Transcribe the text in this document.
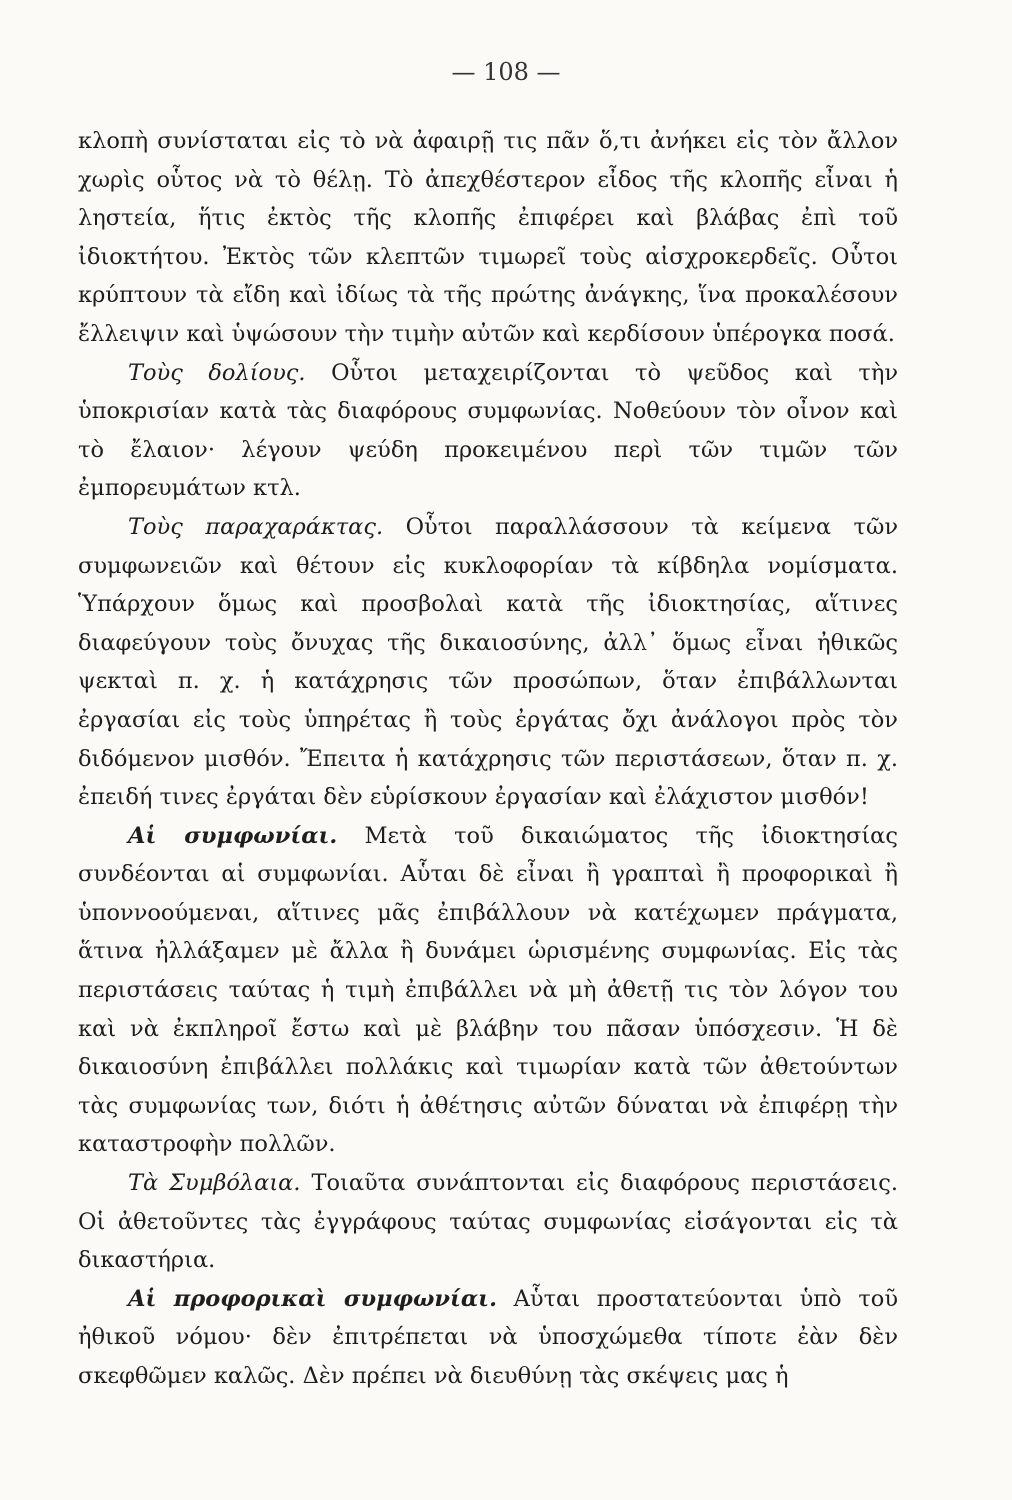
— 108 —

κλοπὴ συνίσταται εἰς τὸ νὰ ἀφαιρῇ τις πᾶν ὅ,τι ἀνήκει εἰς τὸν ἄλλον χωρὶς οὗτος νὰ τὸ θέλῃ. Τὸ ἀπεχθέστερον εἶδος τῆς κλοπῆς εἶναι ἡ ληστεία, ἥτις ἐκτὸς τῆς κλοπῆς ἐπιφέρει καὶ βλάβας ἐπὶ τοῦ ἰδιοκτήτου. Ἐκτὸς τῶν κλεπτῶν τιμωρεῖ τοὺς αἰσχροκερδεῖς. Οὗτοι κρύπτουν τὰ εἴδη καὶ ἰδίως τὰ τῆς πρώτης ἀνάγκης, ἵνα προκαλέσουν ἔλλειψιν καὶ ὑψώσουν τὴν τιμὴν αὐτῶν καὶ κερδίσουν ὑπέρογκα ποσά.

Τοὺς δολίους. Οὗτοι μεταχειρίζονται τὸ ψεῦδος καὶ τὴν ὑποκρισίαν κατὰ τὰς διαφόρους συμφωνίας. Νοθεύουν τὸν οἶνον καὶ τὸ ἔλαιον· λέγουν ψεύδη προκειμένου περὶ τῶν τιμῶν τῶν ἐμπορευμάτων κτλ.

Τοὺς παραχαράκτας. Οὗτοι παραλλάσσουν τὰ κείμενα τῶν συμφωνειῶν καὶ θέτουν εἰς κυκλοφορίαν τὰ κίβδηλα νομίσματα. Ὑπάρχουν ὅμως καὶ προσβολαὶ κατὰ τῆς ἰδιοκτησίας, αἵτινες διαφεύγουν τοὺς ὄνυχας τῆς δικαιοσύνης, ἀλλ᾽ ὅμως εἶναι ἠθικῶς ψεκταὶ π. χ. ἡ κατάχρησις τῶν προσώπων, ὅταν ἐπιβάλλωνται ἐργασίαι εἰς τοὺς ὑπηρέτας ἢ τοὺς ἐργάτας ὄχι ἀνάλογοι πρὸς τὸν διδόμενον μισθόν. Ἔπειτα ἡ κατάχρησις τῶν περιστάσεων, ὅταν π. χ. ἐπειδή τινες ἐργάται δὲν εὑρίσκουν ἐργασίαν καὶ ἐλάχιστον μισθόν!

Αἱ συμφωνίαι. Μετὰ τοῦ δικαιώματος τῆς ἰδιοκτησίας συνδέονται αἱ συμφωνίαι. Αὗται δὲ εἶναι ἢ γραπταὶ ἢ προφορικαὶ ἢ ὑποννοούμεναι, αἵτινες μᾶς ἐπιβάλλουν νὰ κατέχωμεν πράγματα, ἅτινα ἠλλάξαμεν μὲ ἄλλα ἢ δυνάμει ὡρισμένης συμφωνίας. Εἰς τὰς περιστάσεις ταύτας ἡ τιμὴ ἐπιβάλλει νὰ μὴ ἀθετῇ τις τὸν λόγον του καὶ νὰ ἐκπληροῖ ἔστω καὶ μὲ βλάβην του πᾶσαν ὑπόσχεσιν. Ἡ δὲ δικαιοσύνη ἐπιβάλλει πολλάκις καὶ τιμωρίαν κατὰ τῶν ἀθετούντων τὰς συμφωνίας των, διότι ἡ ἀθέτησις αὐτῶν δύναται νὰ ἐπιφέρῃ τὴν καταστροφὴν πολλῶν.

Τὰ Συμβόλαια. Τοιαῦτα συνάπτονται εἰς διαφόρους περιστάσεις. Οἱ ἀθετοῦντες τὰς ἐγγράφους ταύτας συμφωνίας εἰσάγονται εἰς τὰ δικαστήρια.

Αἱ προφορικαὶ συμφωνίαι. Αὗται προστατεύονται ὑπὸ τοῦ ἠθικοῦ νόμου· δὲν ἐπιτρέπεται νὰ ὑποσχώμεθα τίποτε ἐὰν δὲν σκεφθῶμεν καλῶς. Δὲν πρέπει νὰ διευθύνῃ τὰς σκέψεις μας ἡ
